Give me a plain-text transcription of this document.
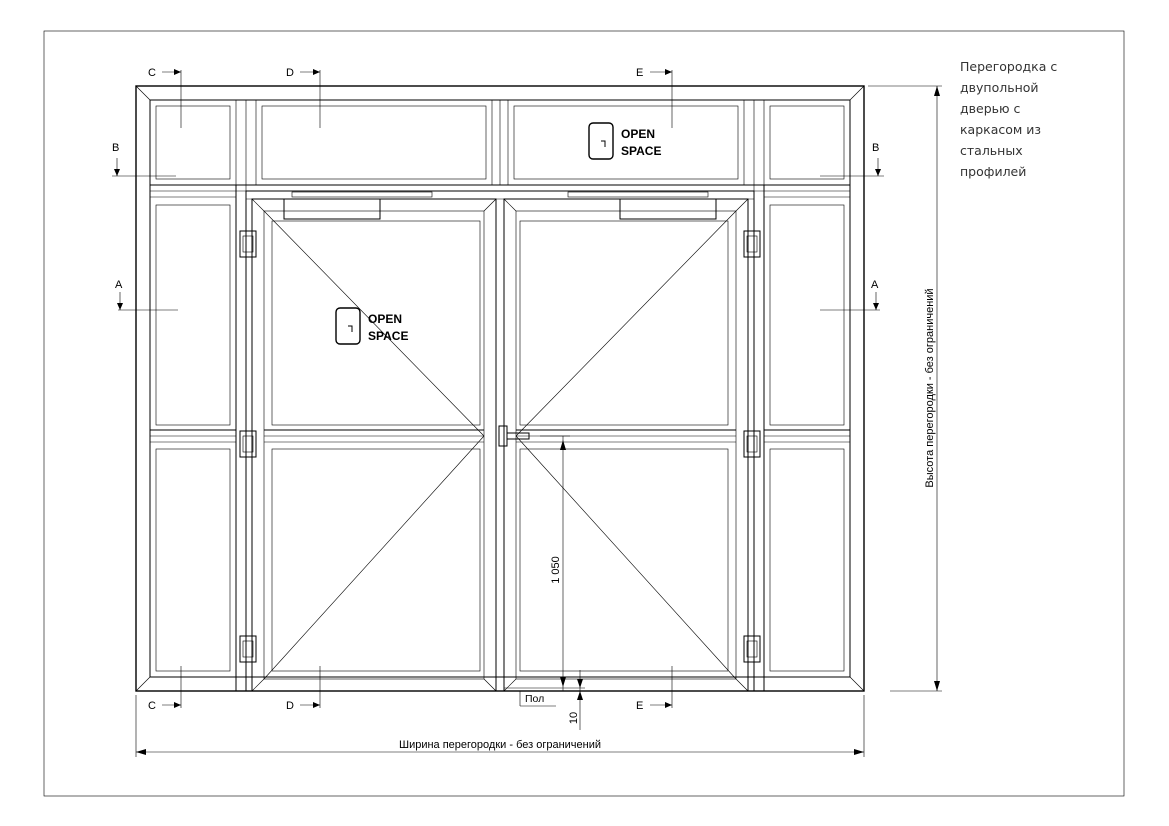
OPEN
SPACE
OPEN
SPACE
A	A
B	B
C
C
D
D
E
E
Ширина перегородки - без ограничений
Высота перегородки - без ограничений
1 050
10
Пол
Перегородка с
двупольной
дверью с
каркасом из
стальных
профилей
